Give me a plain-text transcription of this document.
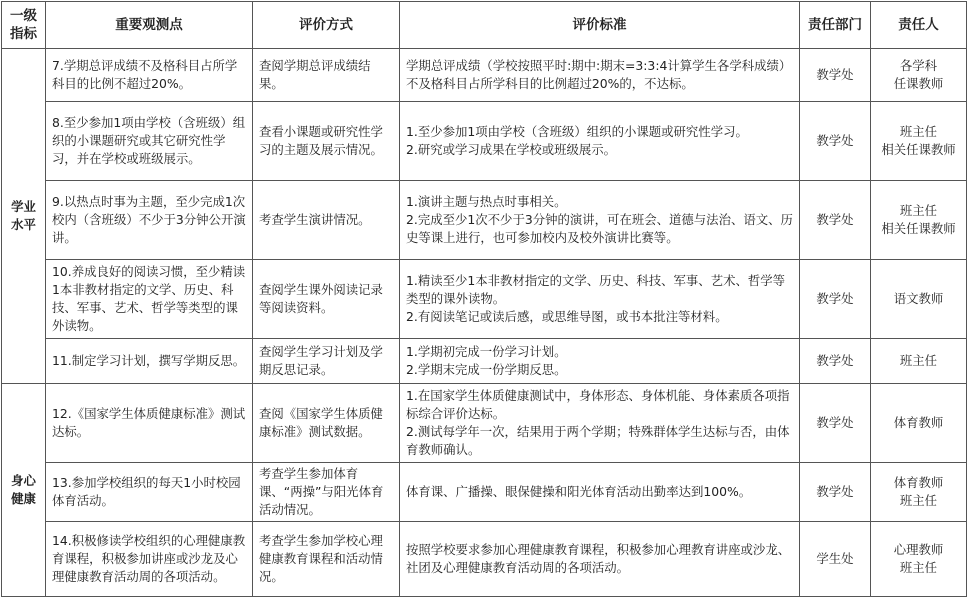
一级
指标	重要观测点	评价方式	评价标准	责任部门	责任人

学业
水平	7.学期总评成绩不及格科目占所学科目的比例不超过20%。	查阅学期总评成绩结果。	学期总评成绩（学校按照平时:期中:期末=3:3:4计算学生各学科成绩）不及格科目占所学科目的比例超过20%的，不达标。	教学处	各学科
任课教师

	8.至少参加1项由学校（含班级）组织的小课题研究或其它研究性学习，并在学校或班级展示。	查看小课题或研究性学习的主题及展示情况。	1.至少参加1项由学校（含班级）组织的小课题或研究性学习。
2.研究或学习成果在学校或班级展示。	教学处	班主任
相关任课教师

	9.以热点时事为主题，至少完成1次校内（含班级）不少于3分钟公开演讲。	考查学生演讲情况。	1.演讲主题与热点时事相关。
2.完成至少1次不少于3分钟的演讲，可在班会、道德与法治、语文、历史等课上进行，也可参加校内及校外演讲比赛等。	教学处	班主任
相关任课教师

	10.养成良好的阅读习惯，至少精读1本非教材指定的文学、历史、科技、军事、艺术、哲学等类型的课外读物。	查阅学生课外阅读记录等阅读资料。	1.精读至少1本非教材指定的文学、历史、科技、军事、艺术、哲学等类型的课外读物。
2.有阅读笔记或读后感，或思维导图，或书本批注等材料。	教学处	语文教师

	11.制定学习计划，撰写学期反思。	查阅学生学习计划及学期反思记录。	1.学期初完成一份学习计划。
2.学期末完成一份学期反思。	教学处	班主任

身心
健康	12.《国家学生体质健康标准》测试达标。	查阅《国家学生体质健康标准》测试数据。	1.在国家学生体质健康测试中，身体形态、身体机能、身体素质各项指标综合评价达标。
2.测试每学年一次，结果用于两个学期；特殊群体学生达标与否，由体育教师确认。	教学处	体育教师

	13.参加学校组织的每天1小时校园体育活动。	考查学生参加体育课、“两操”与阳光体育活动情况。	体育课、广播操、眼保健操和阳光体育活动出勤率达到100%。	教学处	体育教师
班主任

	14.积极修读学校组织的心理健康教育课程，积极参加讲座或沙龙及心理健康教育活动周的各项活动。	考查学生参加学校心理健康教育课程和活动情况。	按照学校要求参加心理健康教育课程，积极参加心理教育讲座或沙龙、社团及心理健康教育活动周的各项活动。	学生处	心理教师
班主任
